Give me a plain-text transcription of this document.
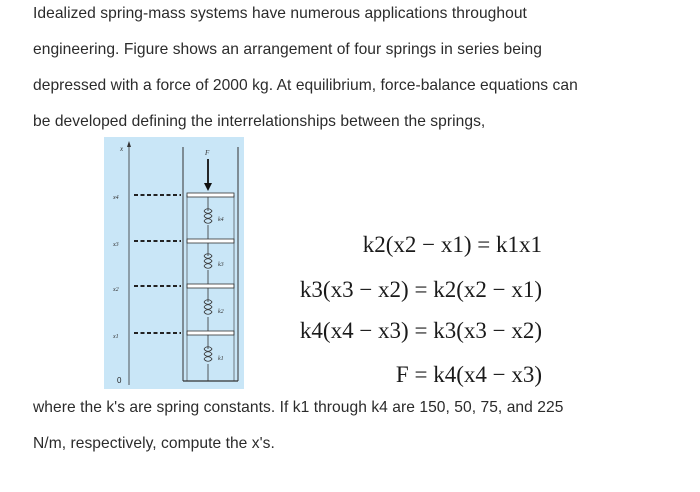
Idealized spring-mass systems have numerous applications throughout
engineering. Figure shows an arrangement of four springs in series being
depressed with a force of 2000 kg. At equilibrium, force-balance equations can
be developed defining the interrelationships between the springs,
x
x4
x3
x2
x1
0
F
k4
k3
k2
k1
k2(x2 − x1) = k1x1
k3(x3 − x2) = k2(x2 − x1)
k4(x4 − x3) = k3(x3 − x2)
F = k4(x4 − x3)
where the k's are spring constants. If k1 through k4 are 150, 50, 75, and 225
N/m, respectively, compute the x's.
